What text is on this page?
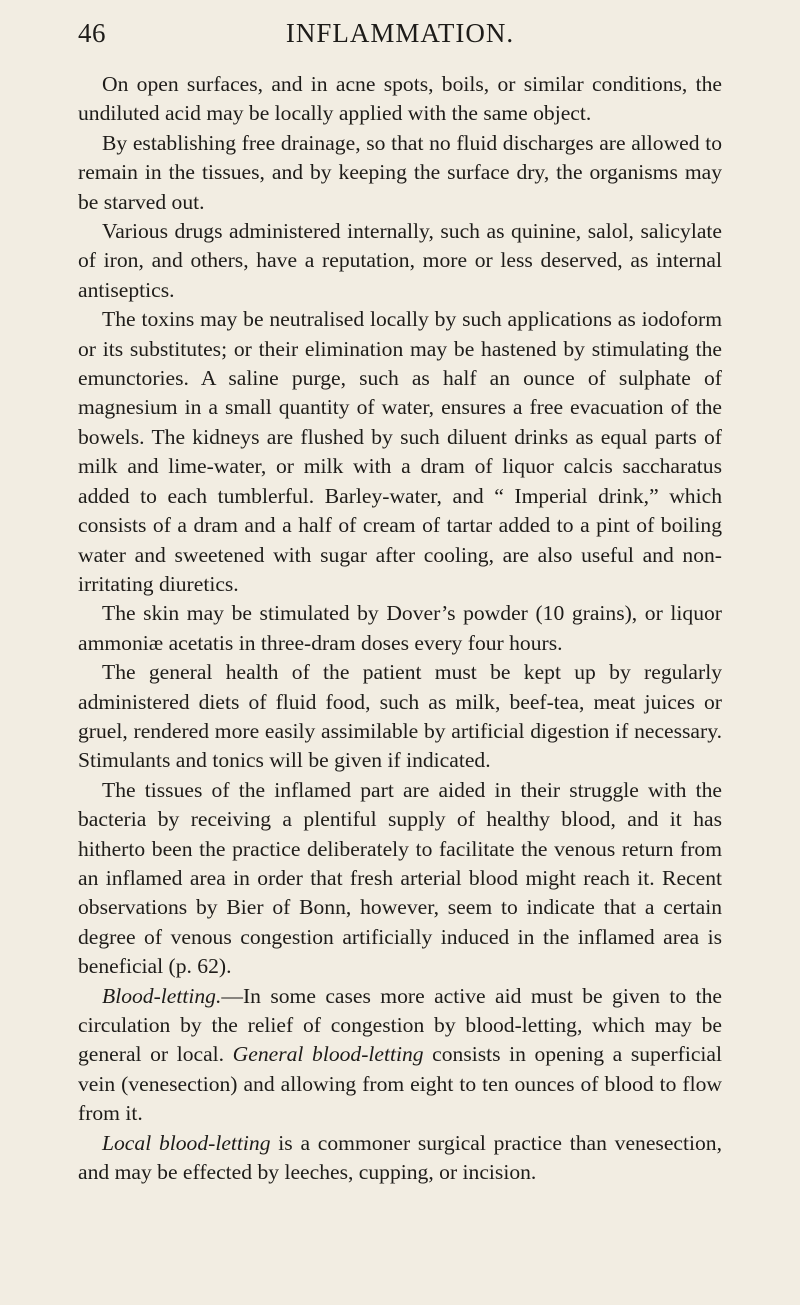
46	INFLAMMATION.

On open surfaces, and in acne spots, boils, or similar conditions, the undiluted acid may be locally applied with the same object.

By establishing free drainage, so that no fluid discharges are allowed to remain in the tissues, and by keeping the surface dry, the organisms may be starved out.

Various drugs administered internally, such as quinine, salol, salicylate of iron, and others, have a reputation, more or less deserved, as internal antiseptics.

The toxins may be neutralised locally by such applications as iodoform or its substitutes; or their elimination may be hastened by stimulating the emunctories. A saline purge, such as half an ounce of sulphate of magnesium in a small quantity of water, ensures a free evacuation of the bowels. The kidneys are flushed by such diluent drinks as equal parts of milk and lime-water, or milk with a dram of liquor calcis saccharatus added to each tumblerful. Barley-water, and “ Imperial drink,” which consists of a dram and a half of cream of tartar added to a pint of boiling water and sweetened with sugar after cooling, are also useful and non-irritating diuretics.

The skin may be stimulated by Dover’s powder (10 grains), or liquor ammoniæ acetatis in three-dram doses every four hours.

The general health of the patient must be kept up by regularly administered diets of fluid food, such as milk, beef-tea, meat juices or gruel, rendered more easily assimilable by artificial digestion if necessary. Stimulants and tonics will be given if indicated.

The tissues of the inflamed part are aided in their struggle with the bacteria by receiving a plentiful supply of healthy blood, and it has hitherto been the practice deliberately to facilitate the venous return from an inflamed area in order that fresh arterial blood might reach it. Recent observations by Bier of Bonn, however, seem to indicate that a certain degree of venous congestion artificially induced in the inflamed area is beneficial (p. 62).

Blood-letting.—In some cases more active aid must be given to the circulation by the relief of congestion by blood-letting, which may be general or local. General blood-letting consists in opening a superficial vein (venesection) and allowing from eight to ten ounces of blood to flow from it.

Local blood-letting is a commoner surgical practice than venesection, and may be effected by leeches, cupping, or incision.
